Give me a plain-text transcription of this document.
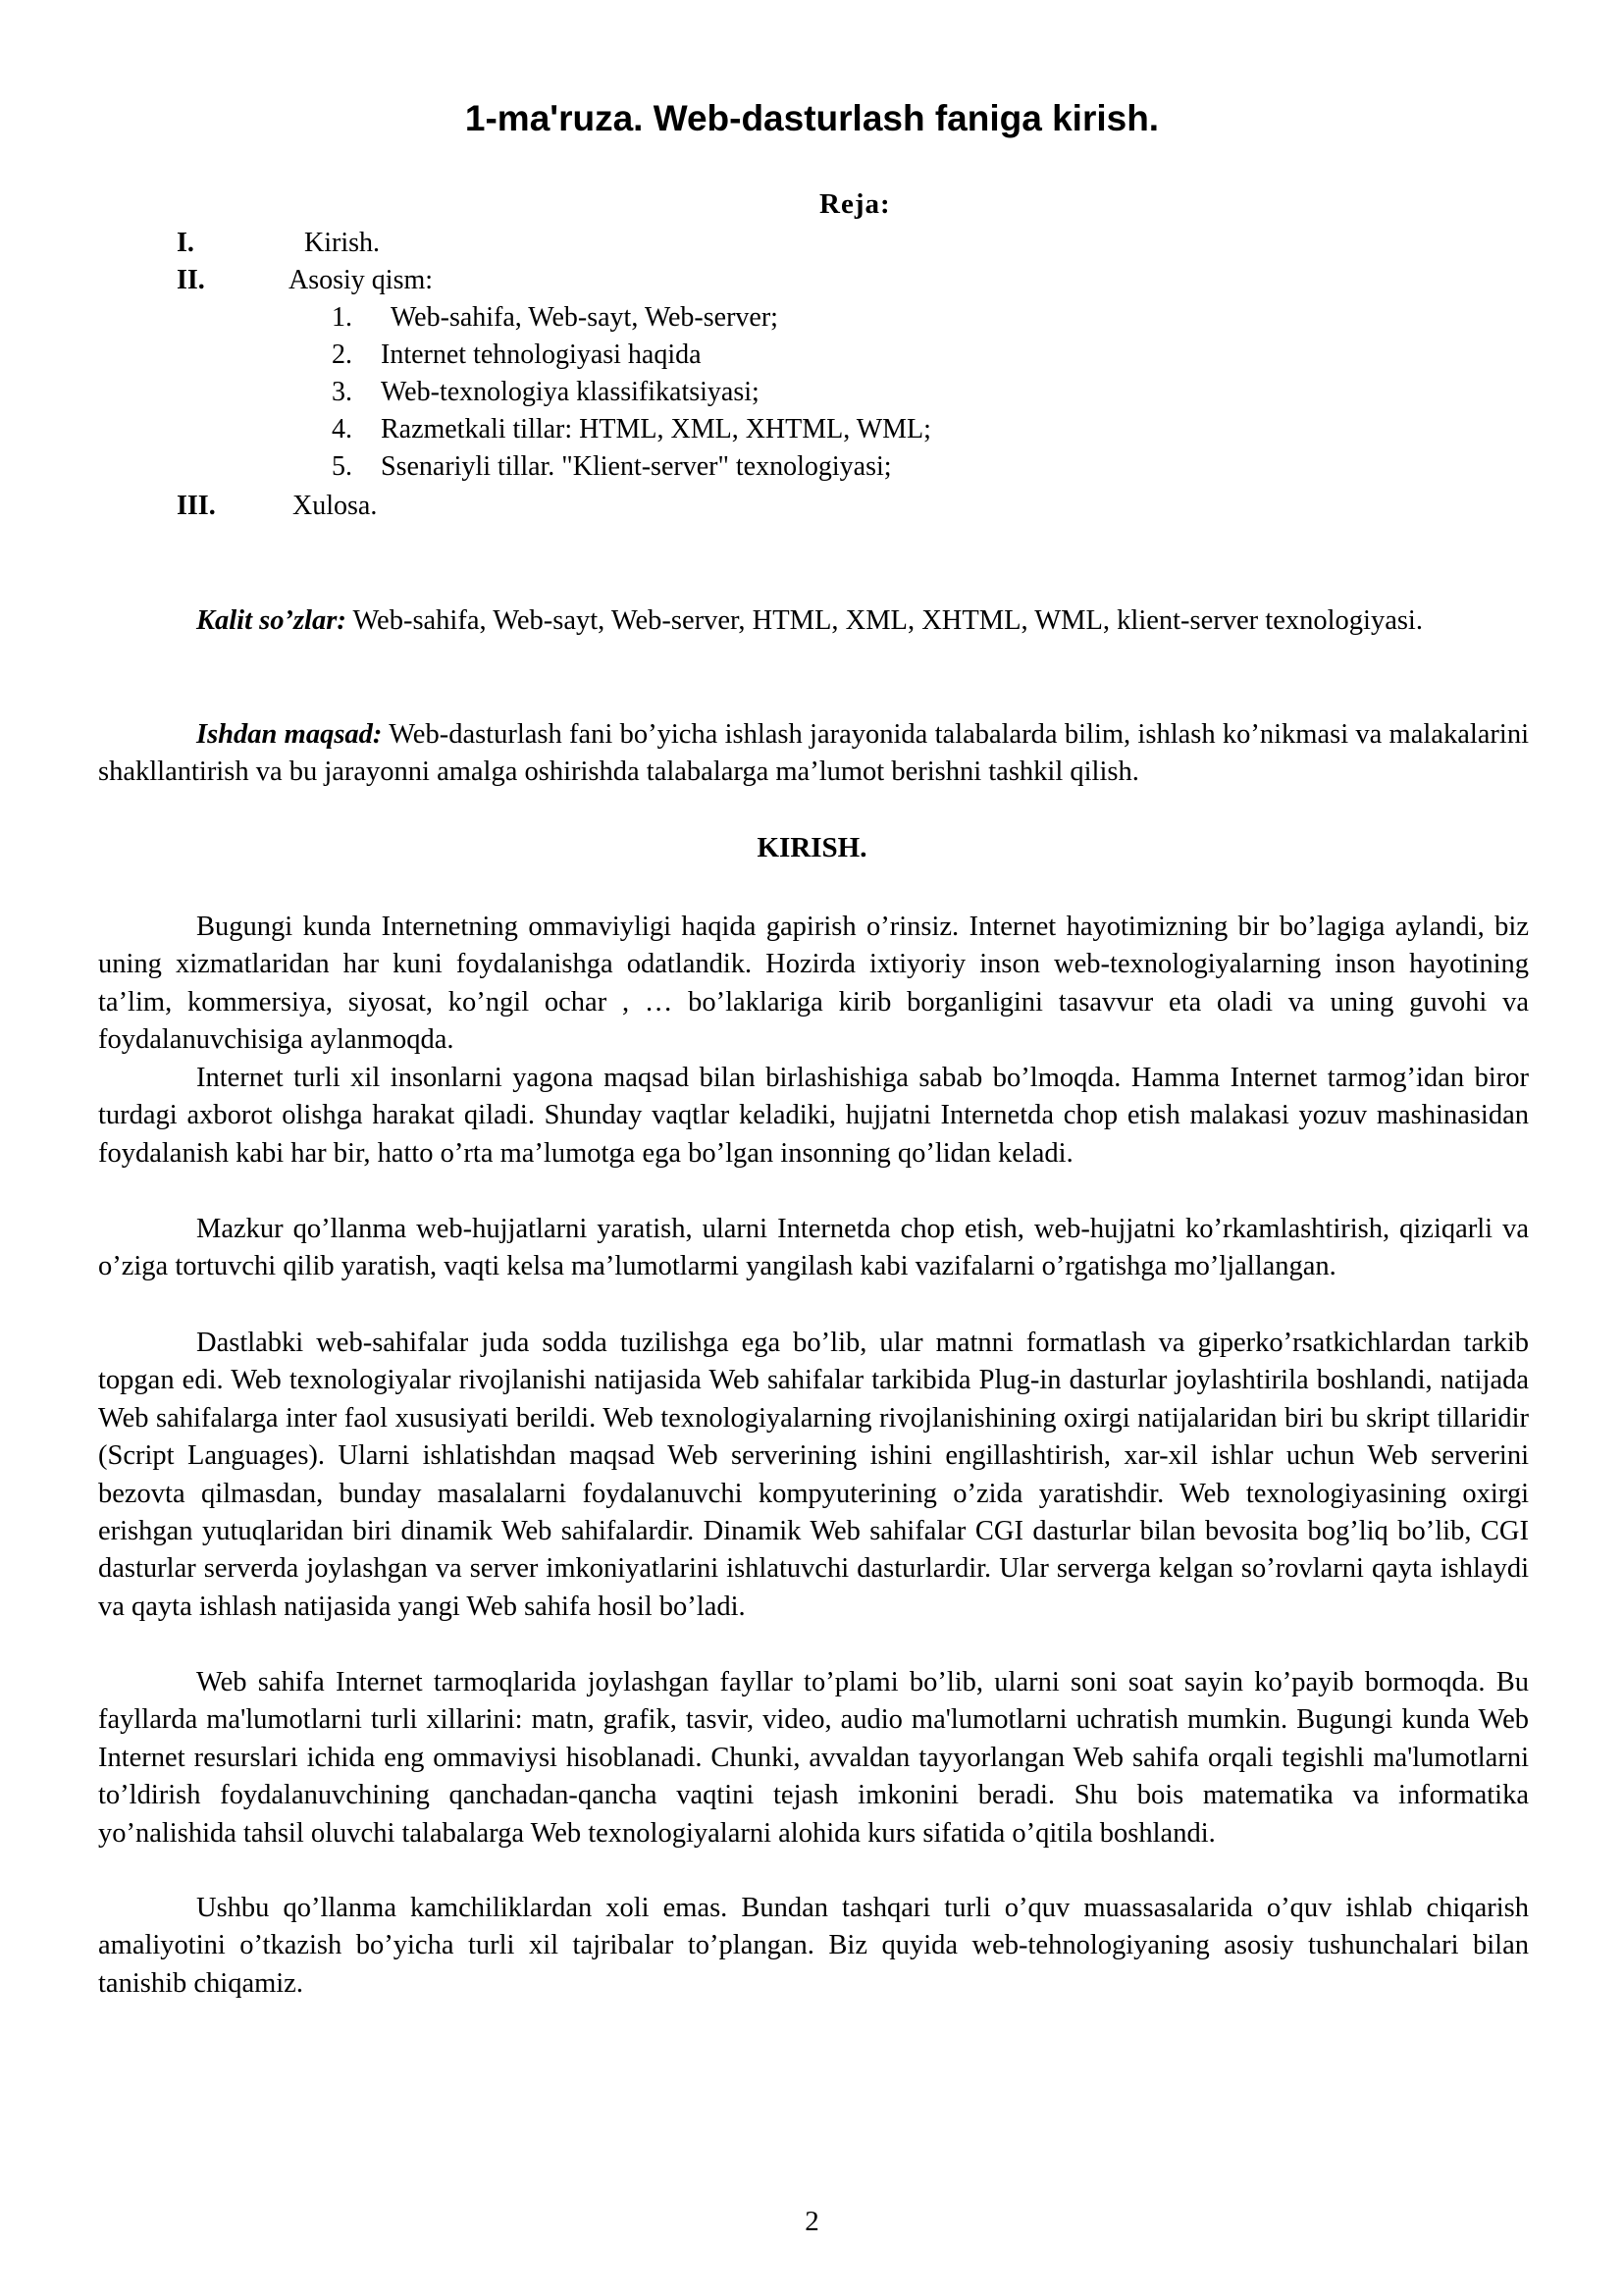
1-ma'ruza. Web-dasturlash faniga kirish.

Reja:

I.	Kirish.
II.	Asosiy qism:
1. Web-sahifa, Web-sayt, Web-server;
2. Internet tehnologiyasi haqida
3. Web-texnologiya klassifikatsiyasi;
4. Razmetkali tillar: HTML, XML, XHTML, WML;
5. Ssenariyli tillar. "Klient-server" texnologiyasi;
III.	Xulosa.

Kalit so’zlar: Web-sahifa, Web-sayt, Web-server, HTML, XML, XHTML, WML, klient-server texnologiyasi.

Ishdan maqsad: Web-dasturlash fani bo’yicha ishlash jarayonida talabalarda bilim, ishlash ko’nikmasi va malakalarini shakllantirish va bu jarayonni amalga oshirishda talabalarga ma’lumot berishni tashkil qilish.

KIRISH.

Bugungi kunda Internetning ommaviyligi haqida gapirish o’rinsiz. Internet hayotimizning bir bo’lagiga aylandi, biz uning xizmatlaridan har kuni foydalanishga odatlandik. Hozirda ixtiyoriy inson web-texnologiyalarning inson hayotining ta’lim, kommersiya, siyosat, ko’ngil ochar , … bo’laklariga kirib borganligini tasavvur eta oladi va uning guvohi va foydalanuvchisiga aylanmoqda.

Internet turli xil insonlarni yagona maqsad bilan birlashishiga sabab bo’lmoqda. Hamma Internet tarmog’idan biror turdagi axborot olishga harakat qiladi. Shunday vaqtlar keladiki, hujjatni Internetda chop etish malakasi yozuv mashinasidan foydalanish kabi har bir, hatto o’rta ma’lumotga ega bo’lgan insonning qo’lidan keladi.

Mazkur qo’llanma web-hujjatlarni yaratish, ularni Internetda chop etish, web-hujjatni ko’rkamlashtirish, qiziqarli va o’ziga tortuvchi qilib yaratish, vaqti kelsa ma’lumotlarmi yangilash kabi vazifalarni o’rgatishga mo’ljallangan.

Dastlabki web-sahifalar juda sodda tuzilishga ega bo’lib, ular matnni formatlash va giperko’rsatkichlardan tarkib topgan edi. Web texnologiyalar rivojlanishi natijasida Web sahifalar tarkibida Plug-in dasturlar joylashtirila boshlandi, natijada Web sahifalarga inter faol xususiyati berildi. Web texnologiyalarning rivojlanishining oxirgi natijalaridan biri bu skript tillaridir (Script Languages). Ularni ishlatishdan maqsad Web serverining ishini engillashtirish, xar-xil ishlar uchun Web serverini bezovta qilmasdan, bunday masalalarni foydalanuvchi kompyuterining o’zida yaratishdir. Web texnologiyasining oxirgi erishgan yutuqlaridan biri dinamik Web sahifalardir. Dinamik Web sahifalar CGI dasturlar bilan bevosita bog’liq bo’lib, CGI dasturlar serverda joylashgan va server imkoniyatlarini ishlatuvchi dasturlardir. Ular serverga kelgan so’rovlarni qayta ishlaydi va qayta ishlash natijasida yangi Web sahifa hosil bo’ladi.

Web sahifa Internet tarmoqlarida joylashgan fayllar to’plami bo’lib, ularni soni soat sayin ko’payib bormoqda. Bu fayllarda ma'lumotlarni turli xillarini: matn, grafik, tasvir, video, audio ma'lumotlarni uchratish mumkin. Bugungi kunda Web Internet resurslari ichida eng ommaviysi hisoblanadi. Chunki, avvaldan tayyorlangan Web sahifa orqali tegishli ma'lumotlarni to’ldirish foydalanuvchining qanchadan-qancha vaqtini tejash imkonini beradi. Shu bois matematika va informatika yo’nalishida tahsil oluvchi talabalarga Web texnologiyalarni alohida kurs sifatida o’qitila boshlandi.

Ushbu qo’llanma kamchiliklardan xoli emas. Bundan tashqari turli o’quv muassasalarida o’quv ishlab chiqarish amaliyotini o’tkazish bo’yicha turli xil tajribalar to’plangan. Biz quyida web-tehnologiyaning asosiy tushunchalari bilan tanishib chiqamiz.

2
